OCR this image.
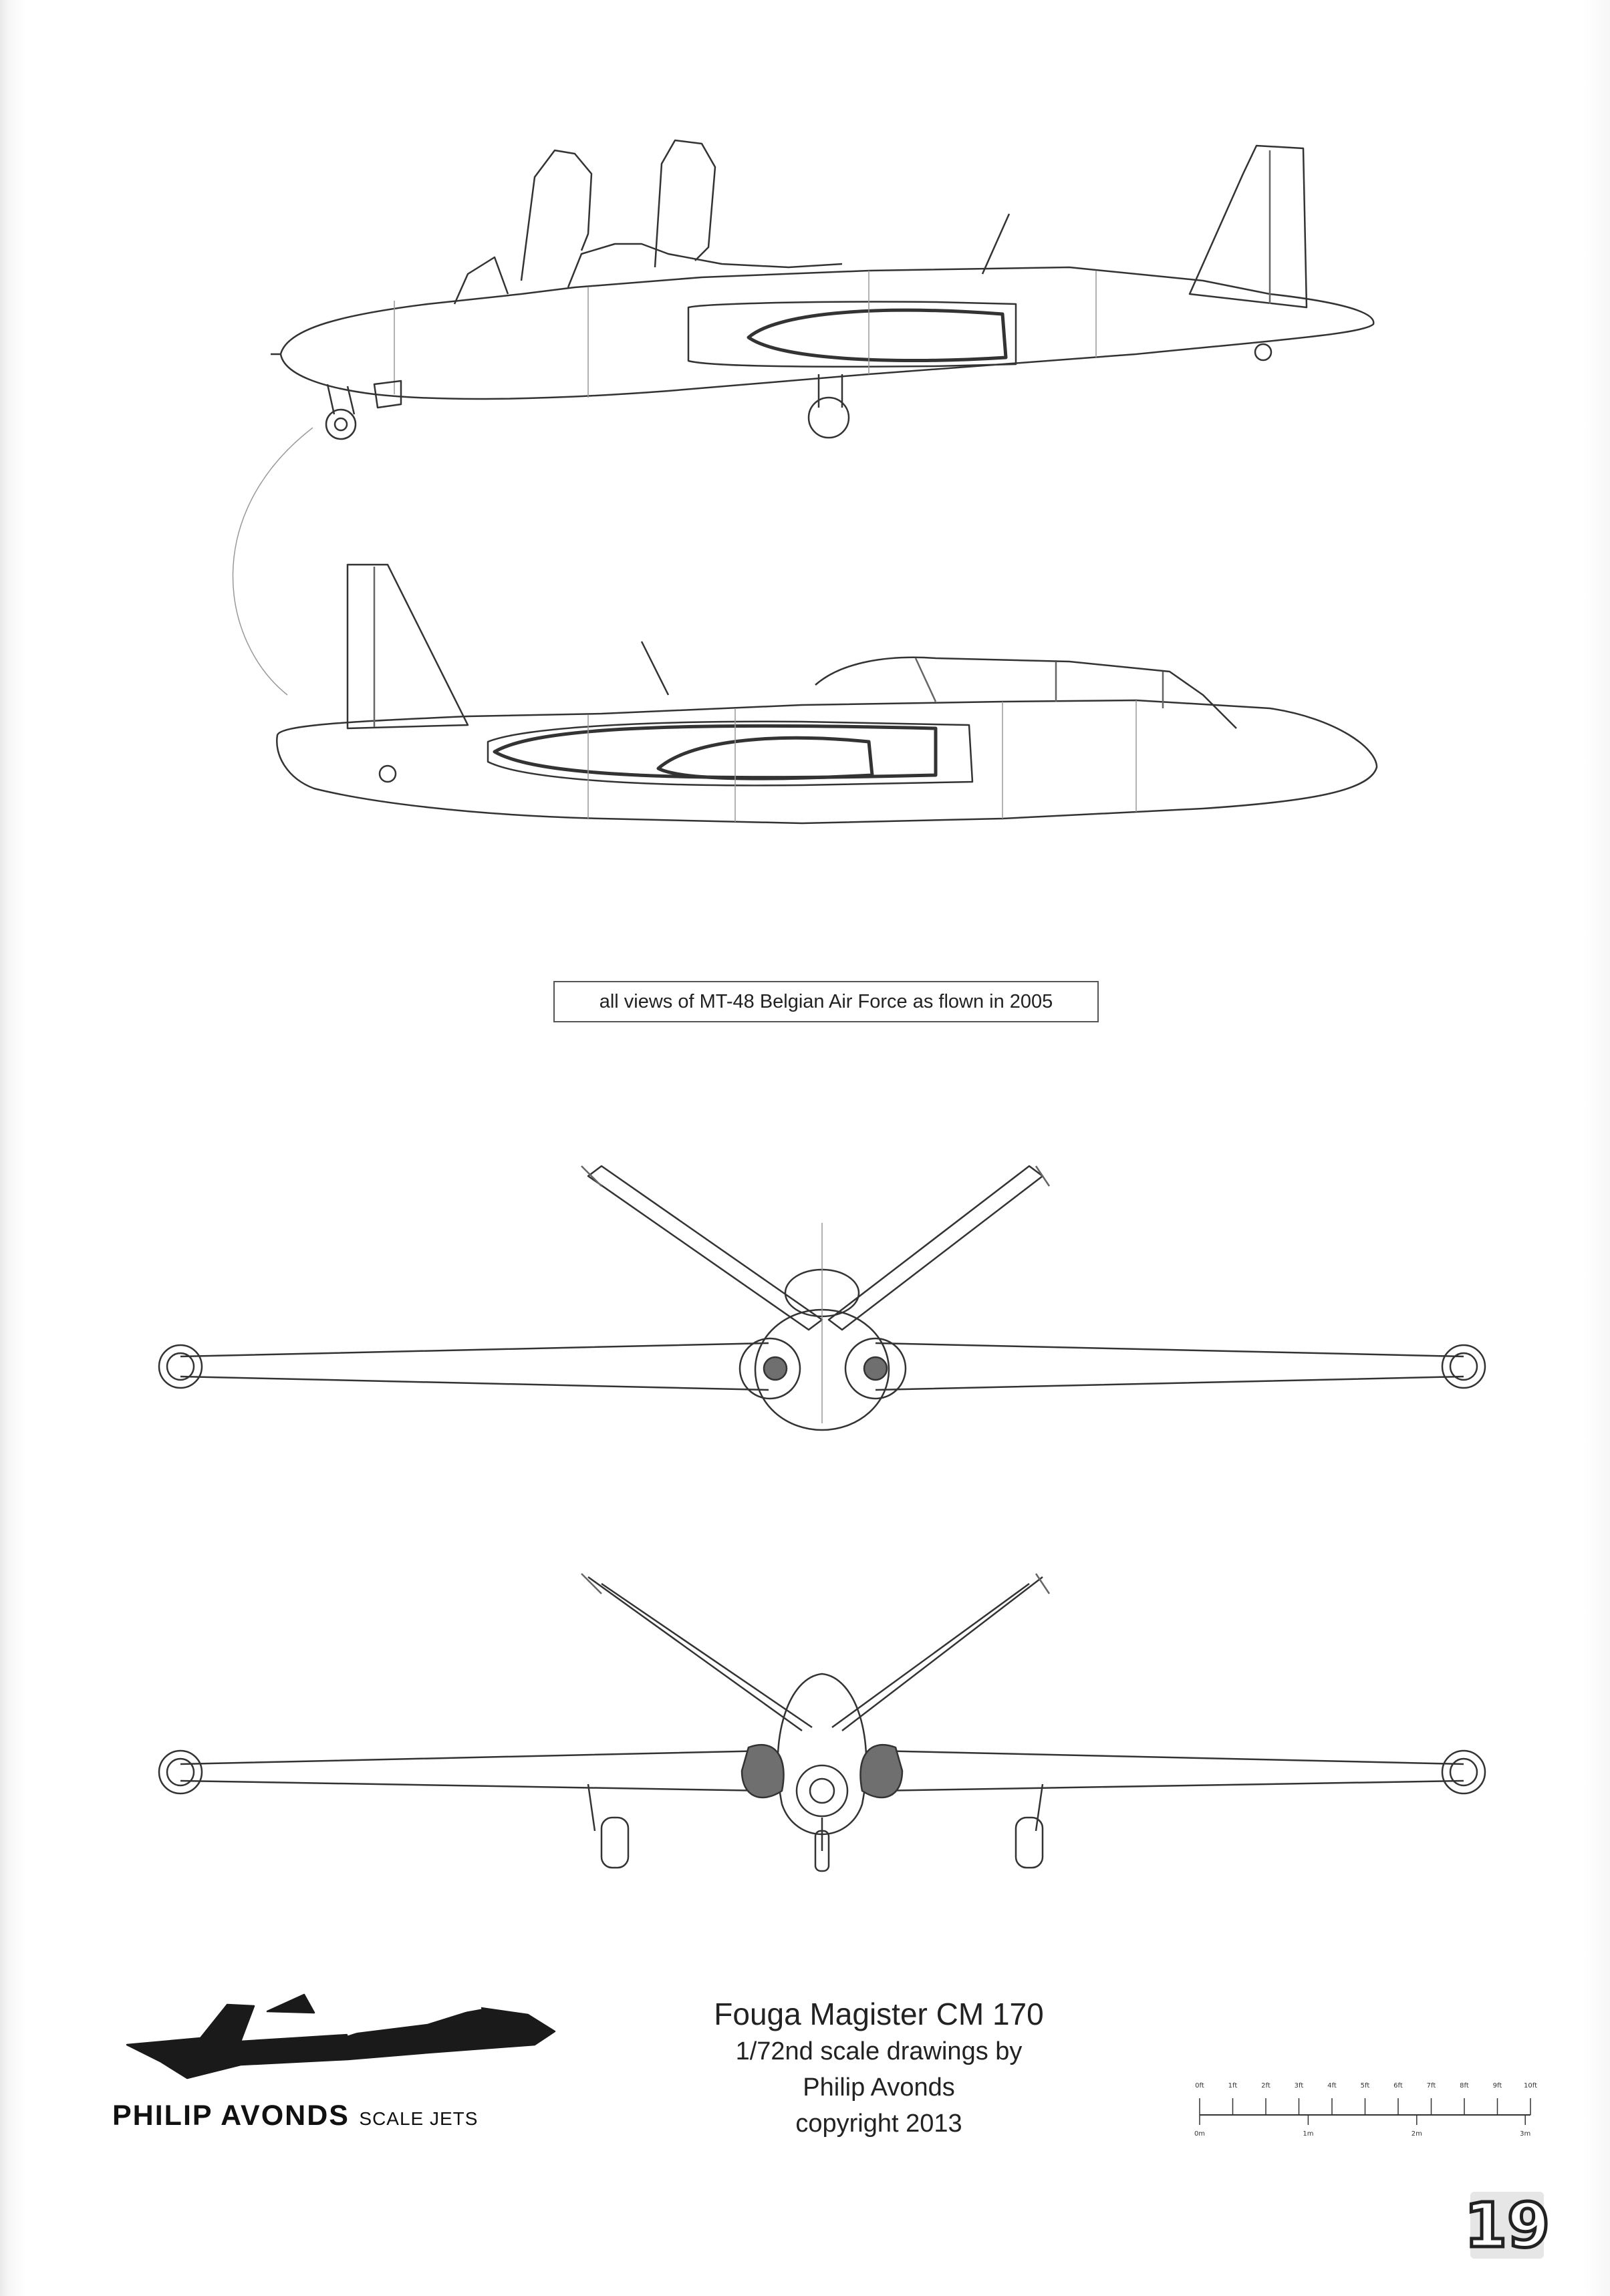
all views of MT-48 Belgian Air Force as flown in 2005
Fouga Magister CM 170
1/72nd scale drawings by
Philip Avonds
copyright 2013
PHILIP AVONDS SCALE JETS
0ft	1ft	2ft	3ft	4ft	5ft	6ft	7ft	8ft	9ft	10ft
0m	1m	2m	3m
19
